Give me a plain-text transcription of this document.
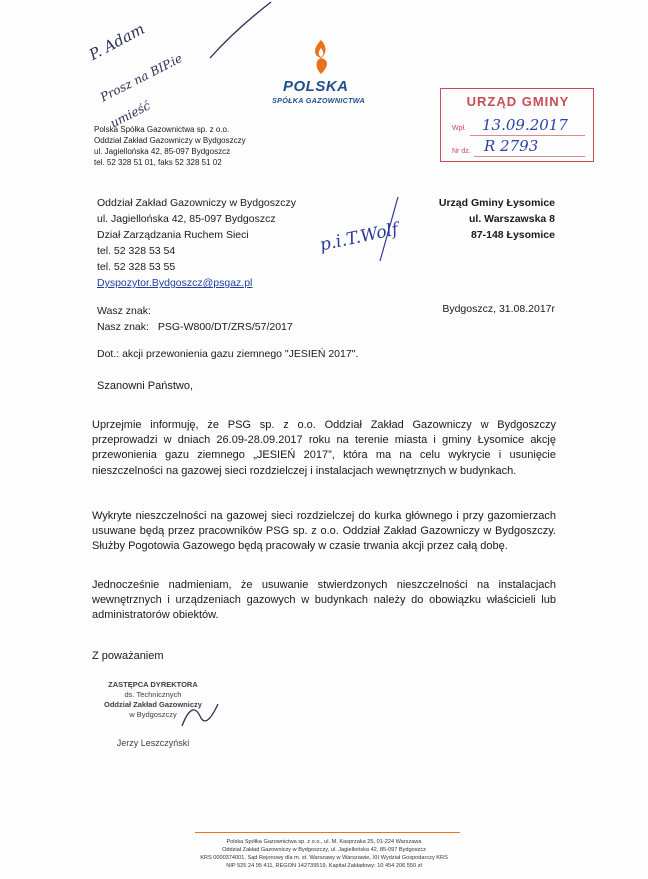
P. Adam
Prosz na BIP.ie
umieść
POLSKA
SPÓŁKA GAZOWNICTWA
Polska Spółka Gazownictwa sp. z o.o.
Oddział Zakład Gazowniczy w Bydgoszczy
ul. Jagiellońska 42, 85-097 Bydgoszcz
tel. 52 328 51 01, faks 52 328 51 02
URZĄD GMINY
Wpł. 13.09.2017
Nr dz. R 2793
Oddział Zakład Gazowniczy w Bydgoszczy
ul. Jagiellońska 42, 85-097 Bydgoszcz
Dział Zarządzania Ruchem Sieci
tel. 52 328 53 54
tel. 52 328 53 55
Dyspozytor.Bydgoszcz@psgaz.pl
Urząd Gminy Łysomice
ul. Warszawska 8
87-148 Łysomice
p.i.T.Wolf
Wasz znak:
Nasz znak: PSG-W800/DT/ZRS/57/2017
Bydgoszcz, 31.08.2017r
Dot.: akcji przewonienia gazu ziemnego "JESIEŃ 2017".
Szanowni Państwo,
Uprzejmie informuję, że PSG sp. z o.o. Oddział Zakład Gazowniczy w Bydgoszczy przeprowadzi w dniach 26.09-28.09.2017 roku na terenie miasta i gminy Łysomice akcję przewonienia gazu ziemnego „JESIEŃ 2017”, która ma na celu wykrycie i usunięcie nieszczelności na gazowej sieci rozdzielczej i instalacjach wewnętrznych w budynkach.
Wykryte nieszczelności na gazowej sieci rozdzielczej do kurka głównego i przy gazomierzach usuwane będą przez pracowników PSG sp. z o.o. Oddział Zakład Gazowniczy w Bydgoszczy. Służby Pogotowia Gazowego będą pracowały w czasie trwania akcji przez całą dobę.
Jednocześnie nadmieniam, że usuwanie stwierdzonych nieszczelności na instalacjach wewnętrznych i urządzeniach gazowych w budynkach należy do obowiązku właścicieli lub administratorów obiektów.
Z poważaniem
ZASTĘPCA DYREKTORA
ds. Technicznych
Oddział Zakład Gazowniczy
w Bydgoszczy
Jerzy Leszczyński
Polska Spółka Gazownictwa sp. z o.o., ul. M. Kasprzaka 25, 01-224 Warszawa
Oddział Zakład Gazowniczy w Bydgoszczy, ul. Jagiellońska 42, 85-097 Bydgoszcz
KRS 0000374001, Sąd Rejonowy dla m. st. Warszawy w Warszawie, XII Wydział Gospodarczy KRS
NIP 525 24 95 411, REGON 142739519, Kapitał Zakładowy: 10 454 206 550 zł
